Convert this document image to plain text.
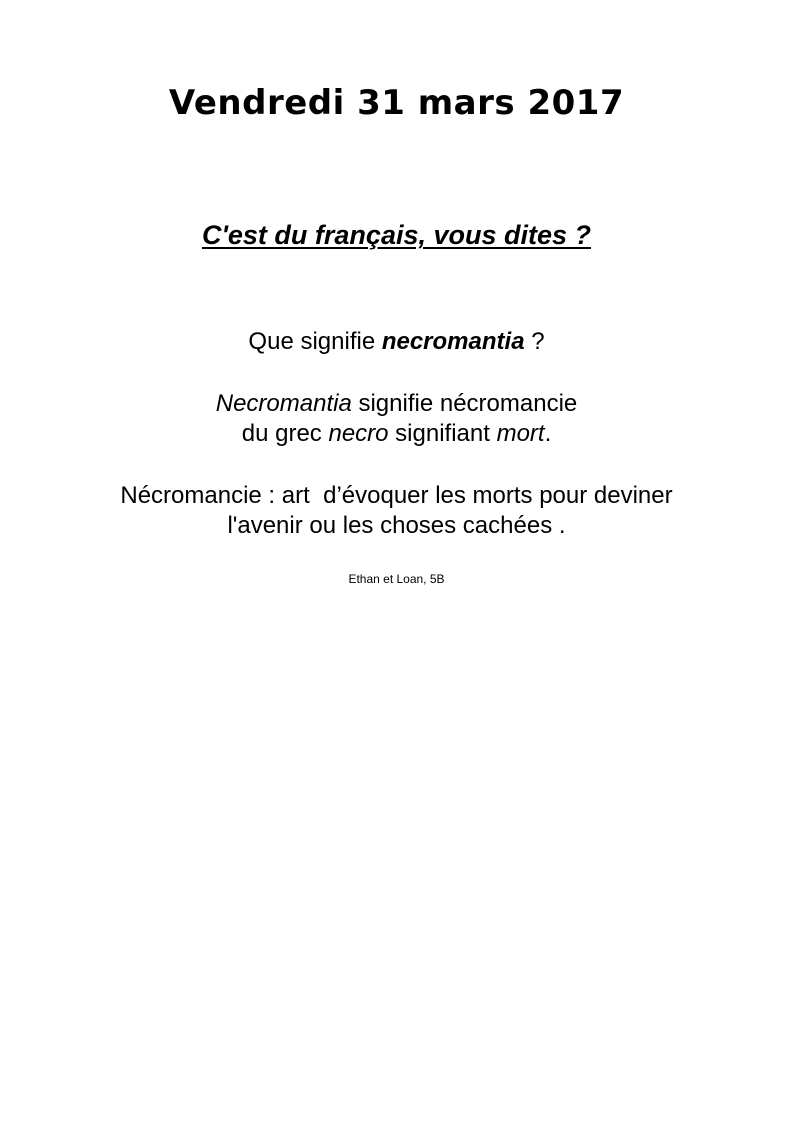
Vendredi 31 mars 2017
C'est du français, vous dites ?

Que signifie necromantia ?

Necromantia signifie nécromancie
du grec necro signifiant mort.

Nécromancie : art  d’évoquer les morts pour deviner
l'avenir ou les choses cachées .

Ethan et Loan, 5B
